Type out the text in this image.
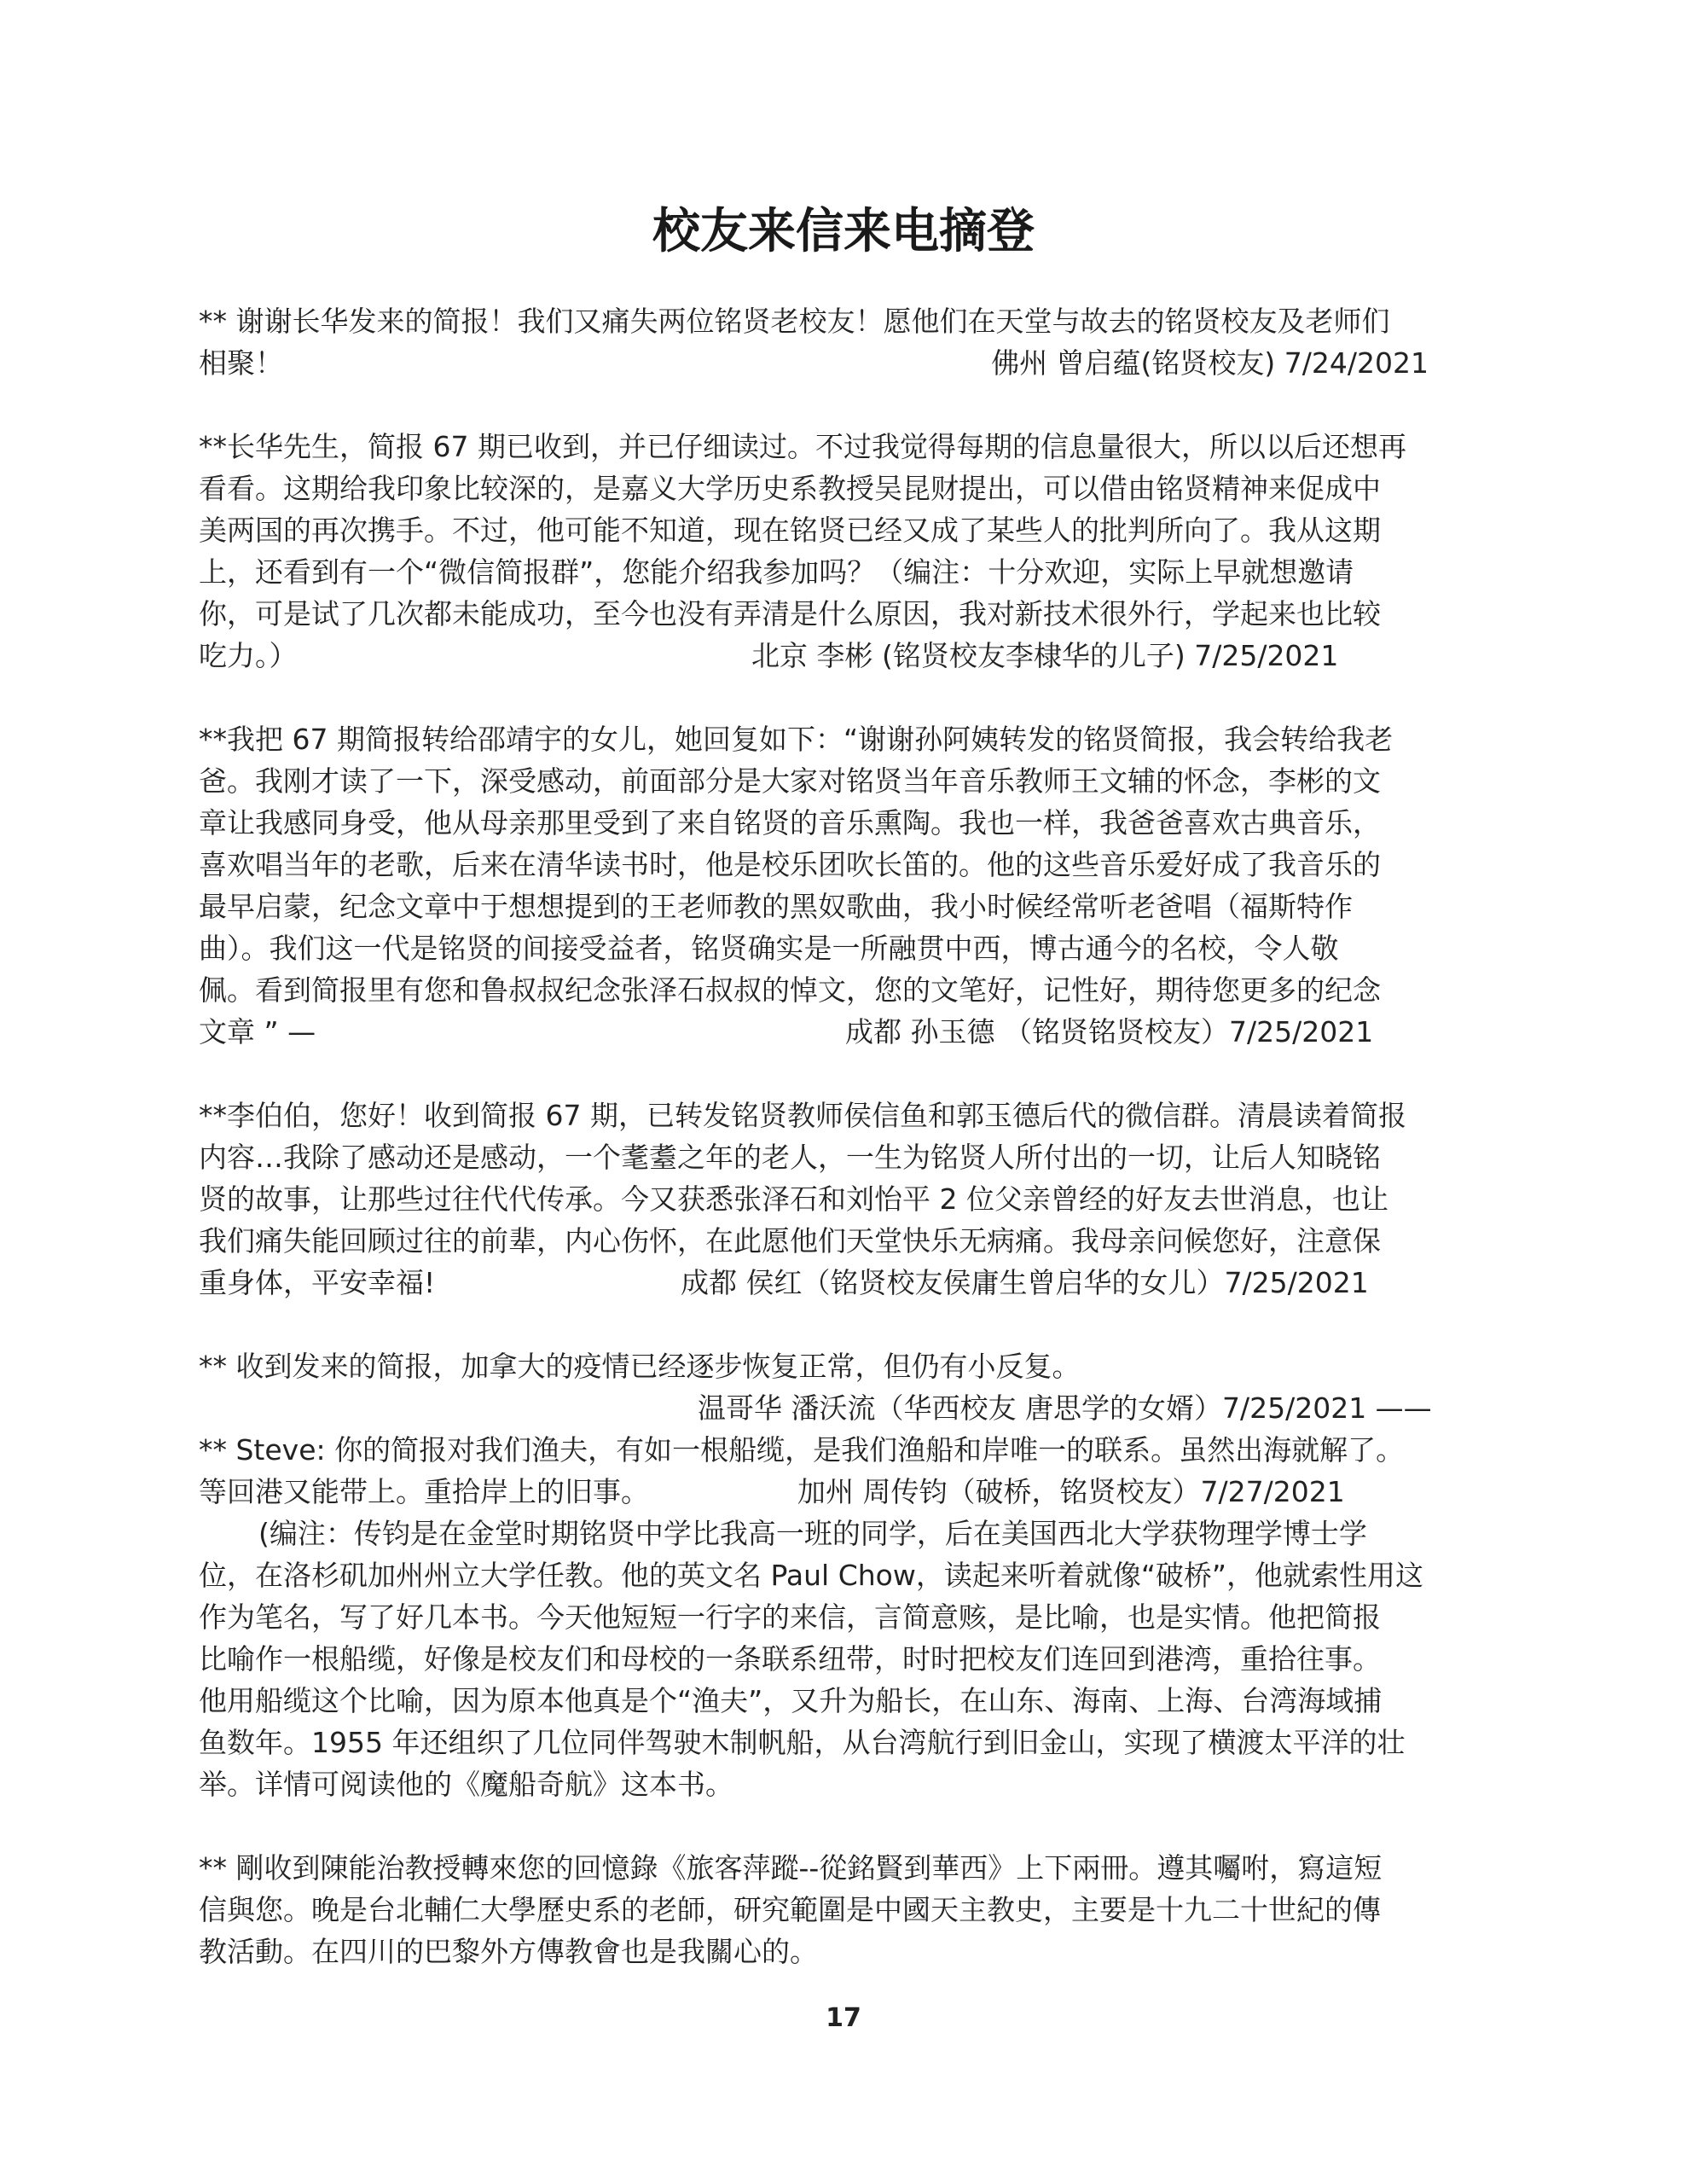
校友来信来电摘登
** 谢谢长华发来的简报！我们又痛失两位铭贤老校友！愿他们在天堂与故去的铭贤校友及老师们
相聚！	佛州 曾启蕴(铭贤校友) 7/24/2021
**长华先生，简报 67 期已收到，并已仔细读过。不过我觉得每期的信息量很大，所以以后还想再
看看。这期给我印象比较深的，是嘉义大学历史系教授吴昆财提出，可以借由铭贤精神来促成中
美两国的再次携手。不过，他可能不知道，现在铭贤已经又成了某些人的批判所向了。我从这期
上，还看到有一个“微信简报群”，您能介绍我参加吗？（编注：十分欢迎，实际上早就想邀请
你，可是试了几次都未能成功，至今也没有弄清是什么原因，我对新技术很外行，学起来也比较
吃力。）	北京 李彬 (铭贤校友李棣华的儿子) 7/25/2021
**我把 67 期简报转给邵靖宇的女儿，她回复如下：“谢谢孙阿姨转发的铭贤简报，我会转给我老
爸。我刚才读了一下，深受感动，前面部分是大家对铭贤当年音乐教师王文辅的怀念，李彬的文
章让我感同身受，他从母亲那里受到了来自铭贤的音乐熏陶。我也一样，我爸爸喜欢古典音乐，
喜欢唱当年的老歌，后来在清华读书时，他是校乐团吹长笛的。他的这些音乐爱好成了我音乐的
最早启蒙，纪念文章中于想想提到的王老师教的黑奴歌曲，我小时候经常听老爸唱（福斯特作
曲）。我们这一代是铭贤的间接受益者，铭贤确实是一所融贯中西，博古通今的名校，令人敬
佩。看到简报里有您和鲁叔叔纪念张泽石叔叔的悼文，您的文笔好，记性好，期待您更多的纪念
文章 ” —	成都 孙玉德 （铭贤铭贤校友）7/25/2021
**李伯伯，您好！收到简报 67 期，已转发铭贤教师侯信鱼和郭玉德后代的微信群。清晨读着简报
内容…我除了感动还是感动，一个耄耋之年的老人，一生为铭贤人所付出的一切，让后人知晓铭
贤的故事，让那些过往代代传承。今又获悉张泽石和刘怡平 2 位父亲曾经的好友去世消息，也让
我们痛失能回顾过往的前辈，内心伤怀，在此愿他们天堂快乐无病痛。我母亲问候您好，注意保
重身体，平安幸福!	成都 侯红（铭贤校友侯庸生曾启华的女儿）7/25/2021
** 收到发来的简报，加拿大的疫情已经逐步恢复正常，但仍有小反复。
温哥华 潘沃流（华西校友 唐思学的女婿）7/25/2021 ——
** Steve: 你的简报对我们渔夫，有如一根船缆，是我们渔船和岸唯一的联系。虽然出海就解了。
等回港又能带上。重拾岸上的旧事。	加州 周传钧（破桥，铭贤校友）7/27/2021
(编注：传钧是在金堂时期铭贤中学比我高一班的同学，后在美国西北大学获物理学博士学
位，在洛杉矶加州州立大学任教。他的英文名 Paul Chow，读起来听着就像“破桥”，他就索性用这
作为笔名，写了好几本书。今天他短短一行字的来信，言简意赅，是比喻，也是实情。他把简报
比喻作一根船缆，好像是校友们和母校的一条联系纽带，时时把校友们连回到港湾，重拾往事。
他用船缆这个比喻，因为原本他真是个“渔夫”，又升为船长，在山东、海南、上海、台湾海域捕
鱼数年。1955 年还组织了几位同伴驾驶木制帆船，从台湾航行到旧金山，实现了横渡太平洋的壮
举。详情可阅读他的《魔船奇航》这本书。
** 剛收到陳能治教授轉來您的回憶錄《旅客萍蹤--從銘賢到華西》上下兩冊。遵其囑咐，寫這短
信與您。晚是台北輔仁大學歷史系的老師，研究範圍是中國天主教史，主要是十九二十世紀的傳
教活動。在四川的巴黎外方傳教會也是我關心的。
17
